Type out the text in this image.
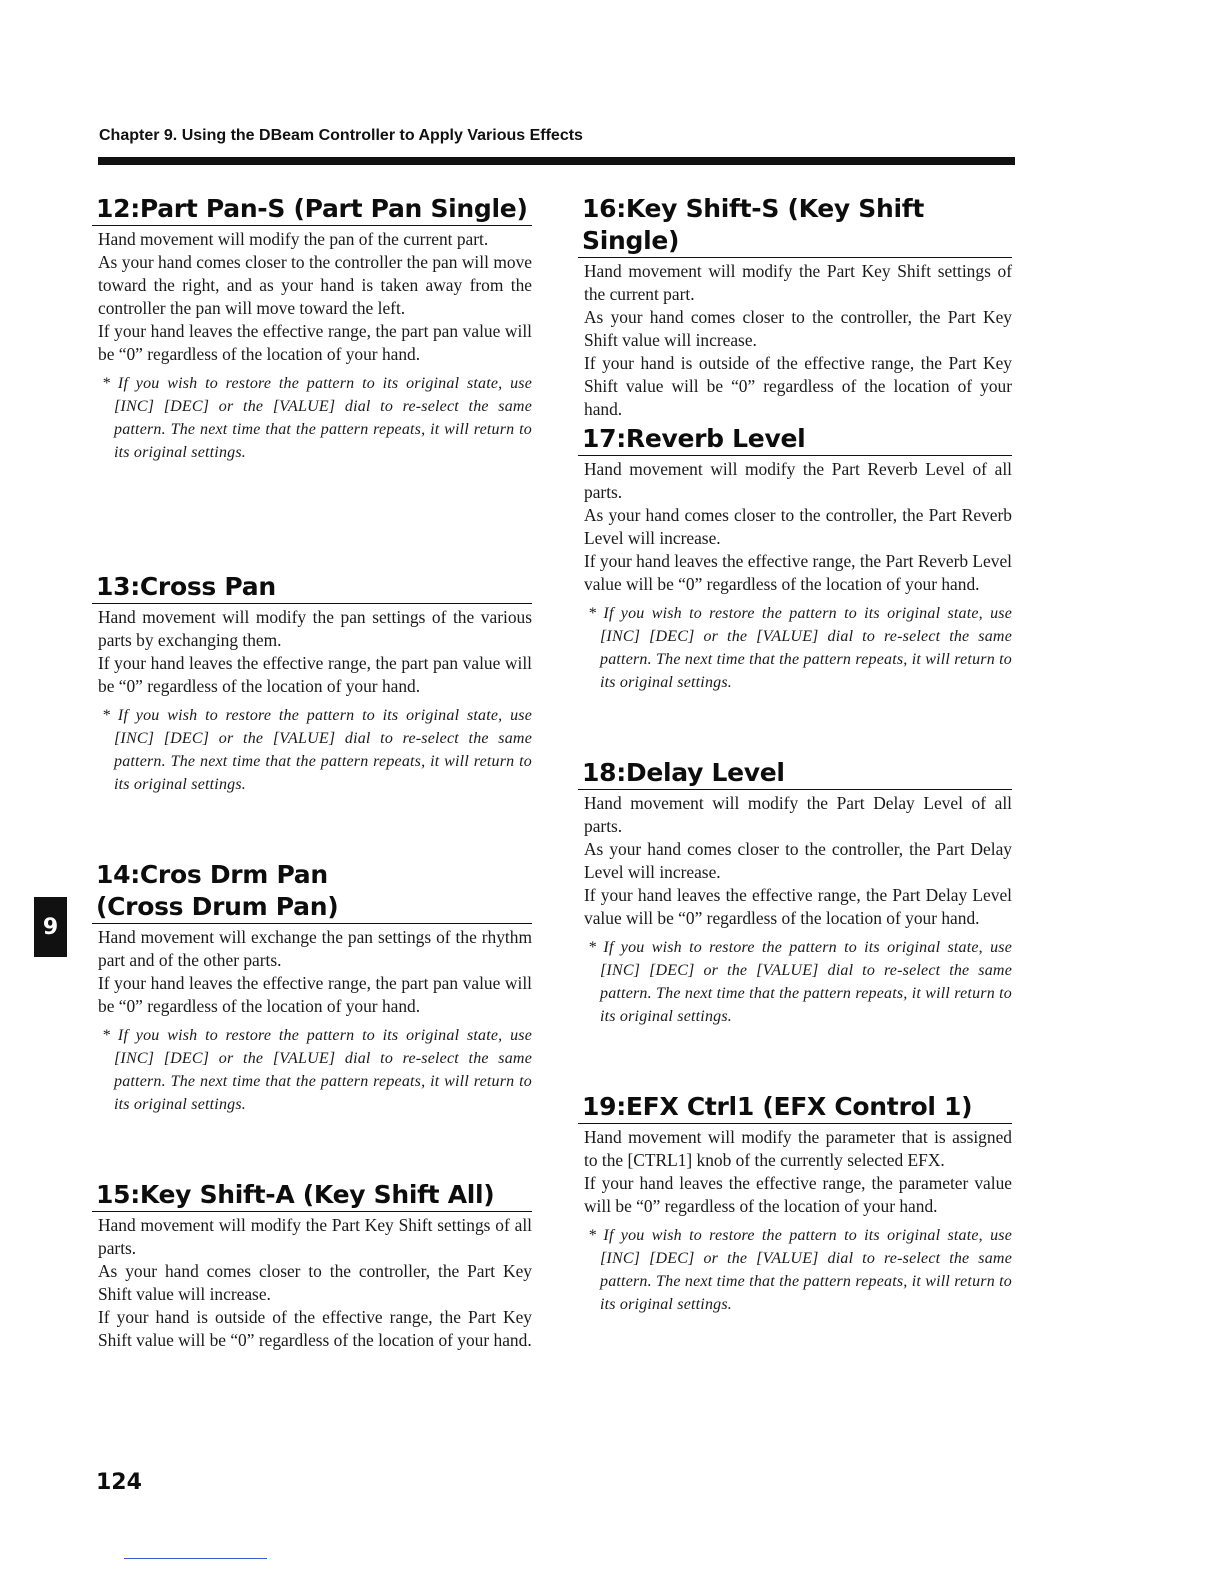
Chapter 9. Using the DBeam Controller to Apply Various Effects
9
12:Part Pan-S (Part Pan Single)

Hand movement will modify the pan of the current part.

As your hand comes closer to the controller the pan will move toward the right, and as your hand is taken away from the controller the pan will move toward the left.

If your hand leaves the effective range, the part pan value will be “0” regardless of the location of your hand.

* If you wish to restore the pattern to its original state, use [INC] [DEC] or the [VALUE] dial to re-select the same pattern. The next time that the pattern repeats, it will return to its original settings.
13:Cross Pan

Hand movement will modify the pan settings of the various parts by exchanging them.

If your hand leaves the effective range, the part pan value will be “0” regardless of the location of your hand.

* If you wish to restore the pattern to its original state, use [INC] [DEC] or the [VALUE] dial to re-select the same pattern. The next time that the pattern repeats, it will return to its original settings.
14:Cros Drm Pan
(Cross Drum Pan)

Hand movement will exchange the pan settings of the rhythm part and of the other parts.

If your hand leaves the effective range, the part pan value will be “0” regardless of the location of your hand.

* If you wish to restore the pattern to its original state, use [INC] [DEC] or the [VALUE] dial to re-select the same pattern. The next time that the pattern repeats, it will return to its original settings.
15:Key Shift-A (Key Shift All)

Hand movement will modify the Part Key Shift settings of all parts.

As your hand comes closer to the controller, the Part Key Shift value will increase.

If your hand is outside of the effective range, the Part Key Shift value will be “0” regardless of the location of your hand.

16:Key Shift-S (Key Shift Single)

Hand movement will modify the Part Key Shift settings of the current part.

As your hand comes closer to the controller, the Part Key Shift value will increase.

If your hand is outside of the effective range, the Part Key Shift value will be “0” regardless of the location of your hand.

17:Reverb Level

Hand movement will modify the Part Reverb Level of all parts.

As your hand comes closer to the controller, the Part Reverb Level will increase.

If your hand leaves the effective range, the Part Reverb Level value will be “0” regardless of the location of your hand.

* If you wish to restore the pattern to its original state, use [INC] [DEC] or the [VALUE] dial to re-select the same pattern. The next time that the pattern repeats, it will return to its original settings.
18:Delay Level

Hand movement will modify the Part Delay Level of all parts.

As your hand comes closer to the controller, the Part Delay Level will increase.

If your hand leaves the effective range, the Part Delay Level value will be “0” regardless of the location of your hand.

* If you wish to restore the pattern to its original state, use [INC] [DEC] or the [VALUE] dial to re-select the same pattern. The next time that the pattern repeats, it will return to its original settings.
19:EFX Ctrl1 (EFX Control 1)

Hand movement will modify the parameter that is assigned to the [CTRL1] knob of the currently selected EFX.

If your hand leaves the effective range, the parameter value will be “0” regardless of the location of your hand.

* If you wish to restore the pattern to its original state, use [INC] [DEC] or the [VALUE] dial to re-select the same pattern. The next time that the pattern repeats, it will return to its original settings.
124
